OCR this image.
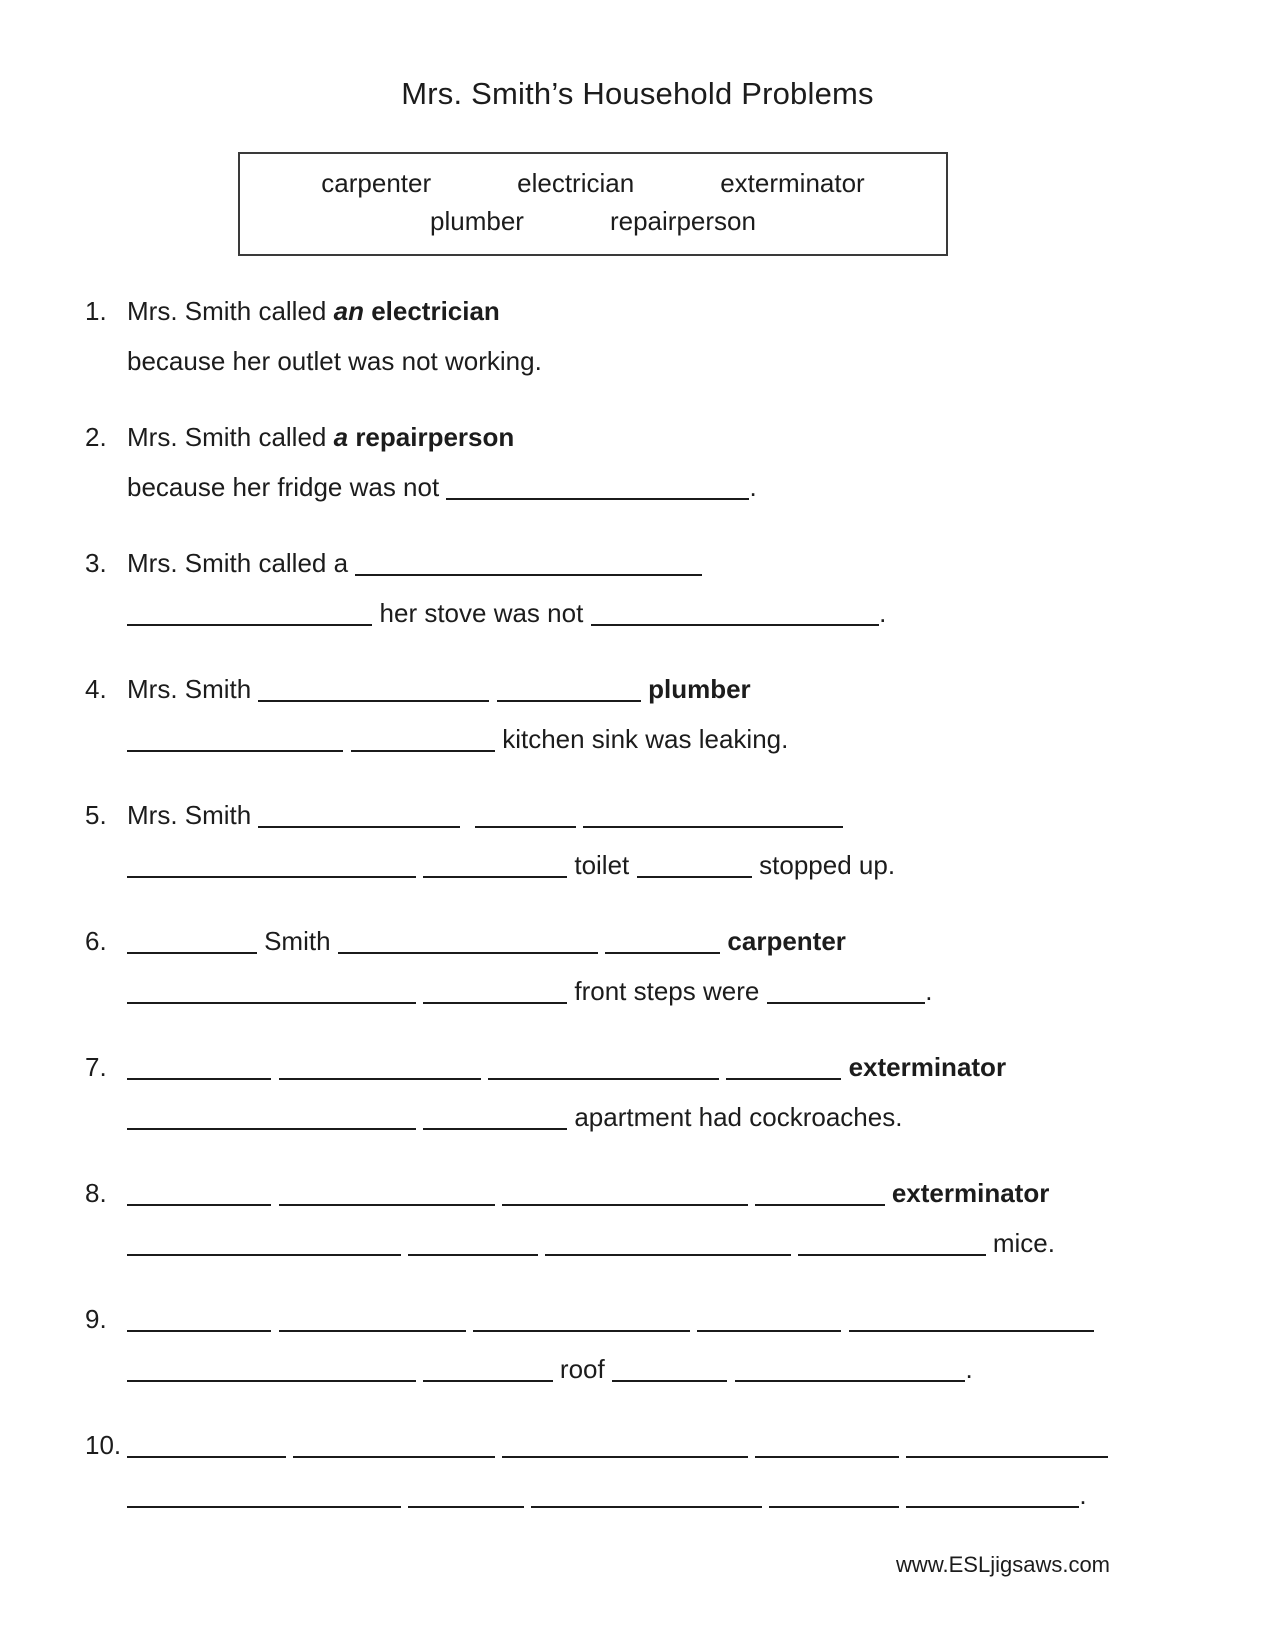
Mrs. Smith’s Household Problems
carpenter	electrician	exterminator
plumber	repairperson
1. Mrs. Smith called an electrician
because her outlet was not working.
2. Mrs. Smith called a repairperson
because her fridge was not	.
3. Mrs. Smith called a
her stove was not	.
4. Mrs. Smith	plumber
kitchen sink was leaking.
5. Mrs. Smith
toilet	stopped up.
6.	Smith	carpenter
front steps were	.
7.	exterminator
apartment had cockroaches.
8.	exterminator
mice.
9.

roof	.
10.

.
www.ESLjigsaws.com
